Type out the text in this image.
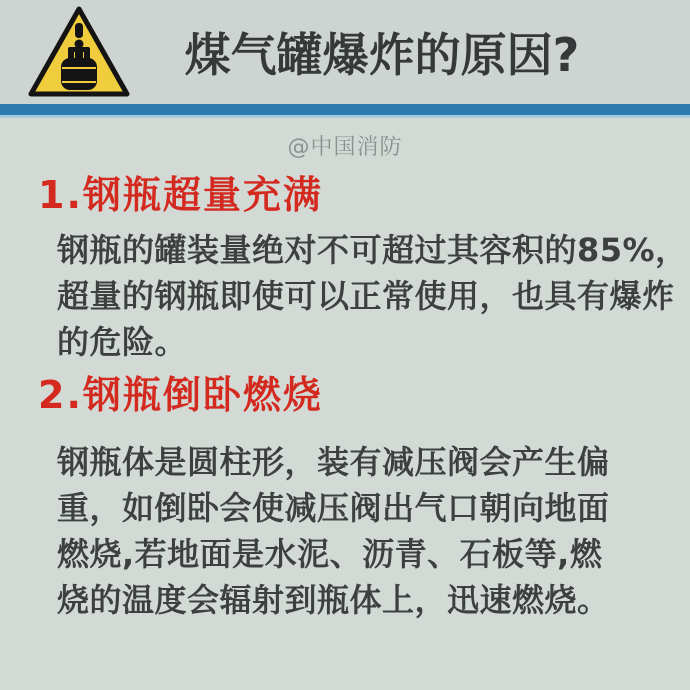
煤气罐爆炸的原因?
@中国消防
1.钢瓶超量充满
钢瓶的罐装量绝对不可超过其容积的85%，
超量的钢瓶即使可以正常使用，也具有爆炸
的危险。
2.钢瓶倒卧燃烧
钢瓶体是圆柱形，装有减压阀会产生偏
重，如倒卧会使减压阀出气口朝向地面
燃烧,若地面是水泥、沥青、石板等,燃
烧的温度会辐射到瓶体上，迅速燃烧。
